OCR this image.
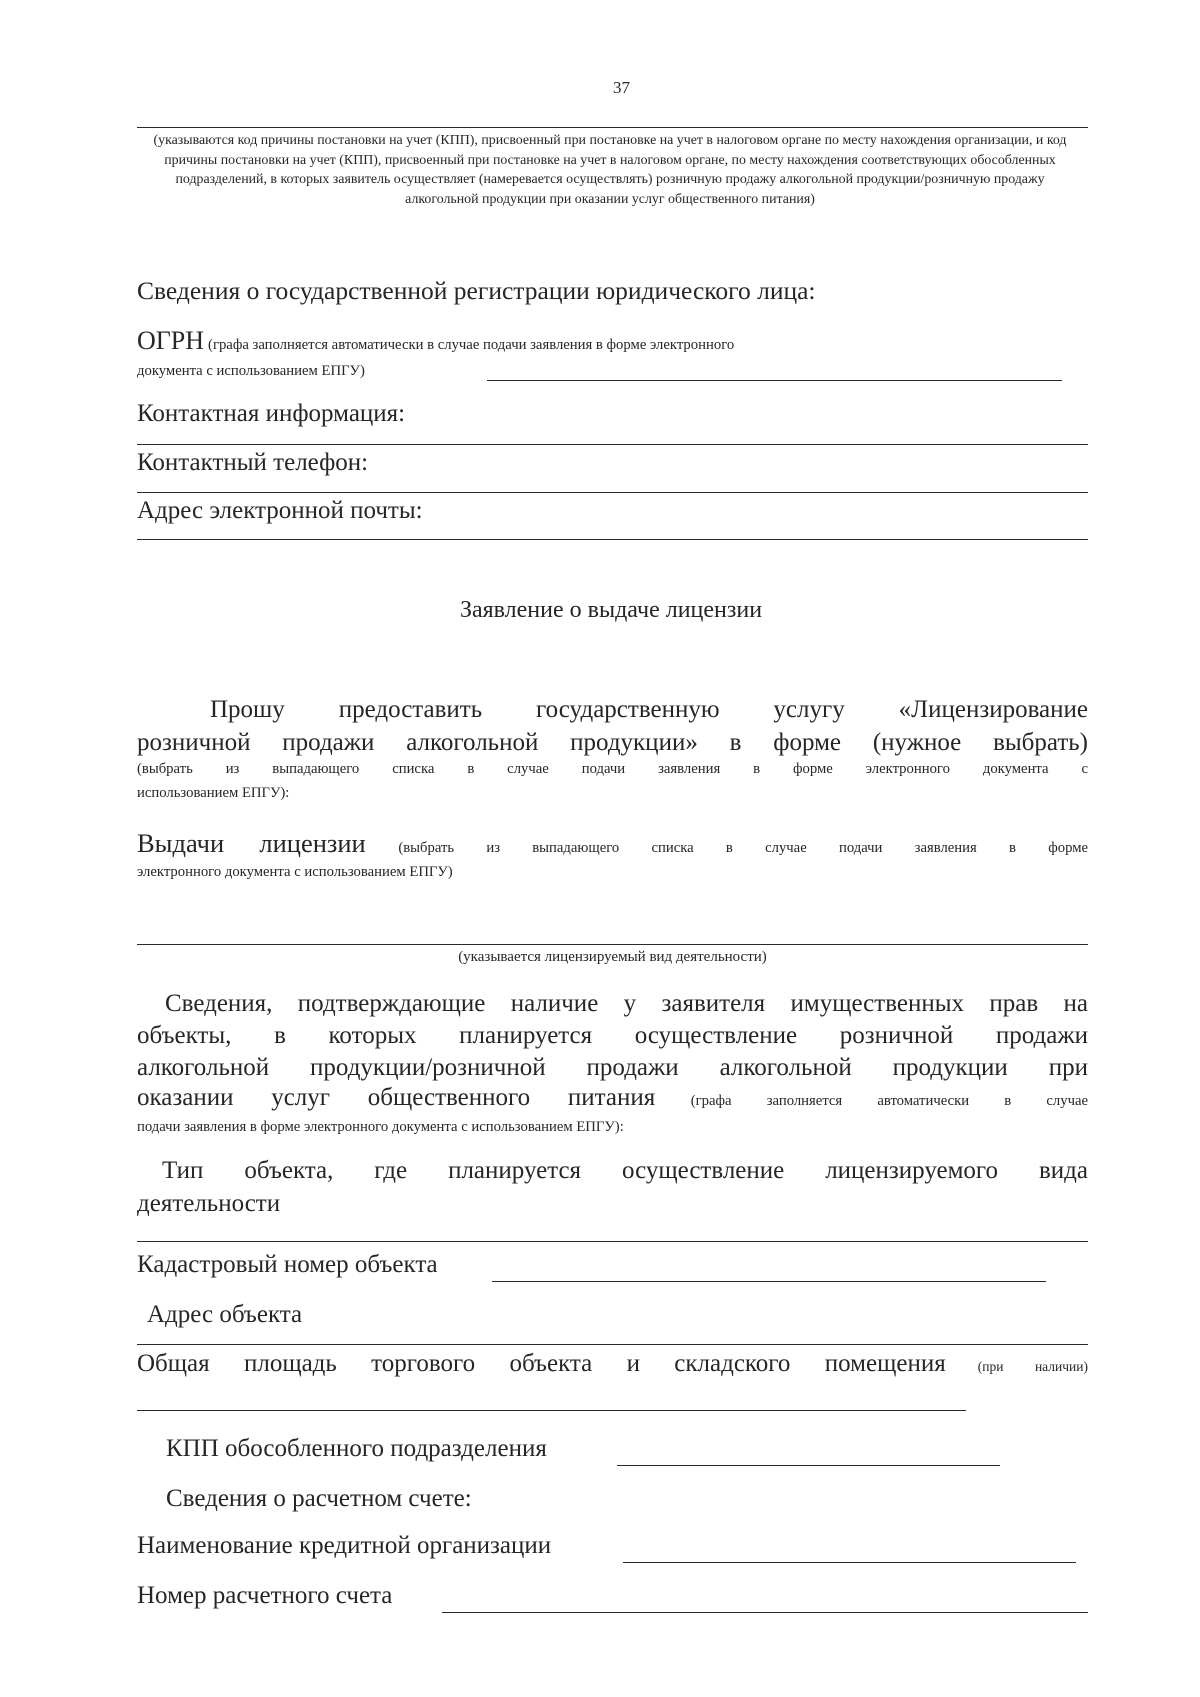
37
(указываются код причины постановки на учет (КПП), присвоенный при постановке на учет в налоговом органе по месту нахождения организации, и код причины постановки на учет (КПП), присвоенный при постановке на учет в налоговом органе, по месту нахождения соответствующих обособленных подразделений, в которых заявитель осуществляет (намеревается осуществлять) розничную продажу алкогольной продукции/розничную продажу алкогольной продукции при оказании услуг общественного питания)
Сведения о государственной регистрации юридического лица:
ОГРН (графа заполняется автоматически в случае подачи заявления в форме электронного
документа с использованием ЕПГУ)
Контактная информация:
Контактный телефон:
Адрес электронной почты:
Заявление о выдаче лицензии
Прошу предоставить государственную услугу «Лицензирование
розничной продажи алкогольной продукции» в форме (нужное выбрать)
(выбрать из выпадающего списка в случае подачи заявления в форме электронного документа с
использованием ЕПГУ):
Выдачи лицензии (выбрать из выпадающего списка в случае подачи заявления в форме
электронного документа с использованием ЕПГУ)
(указывается лицензируемый вид деятельности)
Сведения, подтверждающие наличие у заявителя имущественных прав на
объекты, в которых планируется осуществление розничной продажи
алкогольной продукции/розничной продажи алкогольной продукции при
оказании услуг общественного питания (графа заполняется автоматически в случае
подачи заявления в форме электронного документа с использованием ЕПГУ):
Тип объекта, где планируется осуществление лицензируемого вида
деятельности
Кадастровый номер объекта
Адрес объекта
Общая площадь торгового объекта и складского помещения (при наличии)
КПП обособленного подразделения
Сведения о расчетном счете:
Наименование кредитной организации
Номер расчетного счета
